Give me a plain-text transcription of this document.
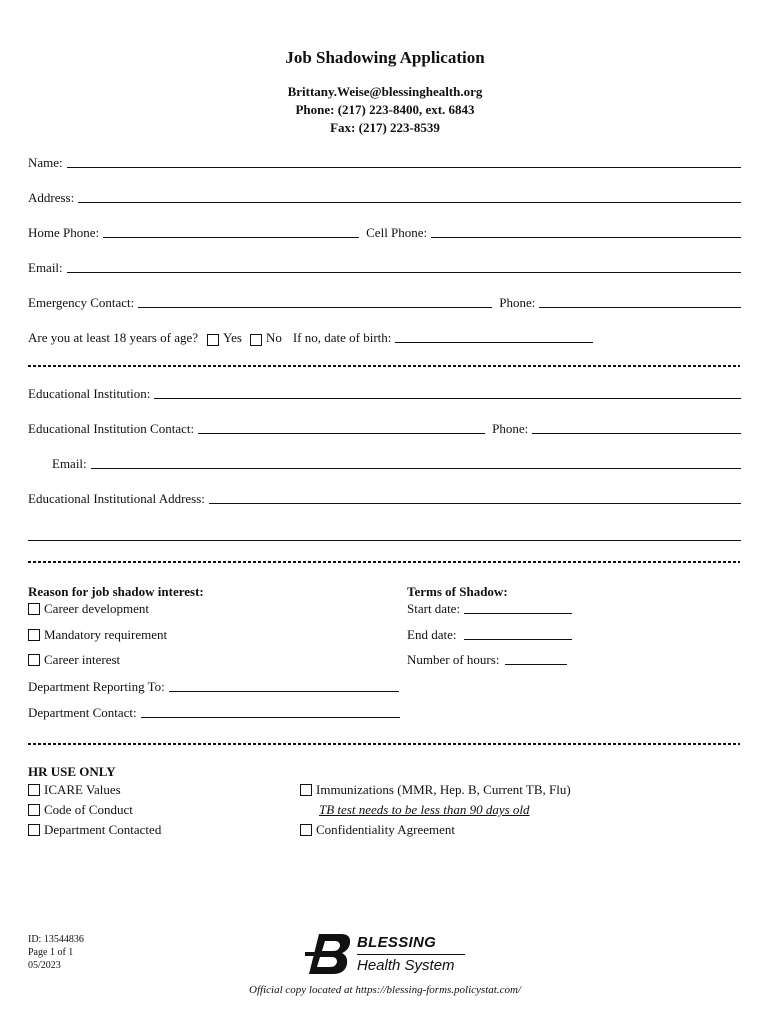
Job Shadowing Application
Brittany.Weise@blessinghealth.org
Phone: (217) 223-8400, ext. 6843
Fax: (217) 223-8539
Name:
Address:
Home Phone:	Cell Phone:
Email:
Emergency Contact:	Phone:
Are you at least 18 years of age? Yes No If no, date of birth:
Educational Institution:
Educational Institution Contact:	Phone:
Email:
Educational Institutional Address:
Reason for job shadow interest:
Career development
Mandatory requirement
Career interest
Terms of Shadow:
Start date:
End date:
Number of hours:
Department Reporting To:
Department Contact:
HR USE ONLY
ICARE Values
Code of Conduct
Department Contacted
Immunizations (MMR, Hep. B, Current TB, Flu)
TB test needs to be less than 90 days old
Confidentiality Agreement
ID: 13544836
Page 1 of 1
05/2023
BLESSING
Health System
Official copy located at https://blessing-forms.policystat.com/
